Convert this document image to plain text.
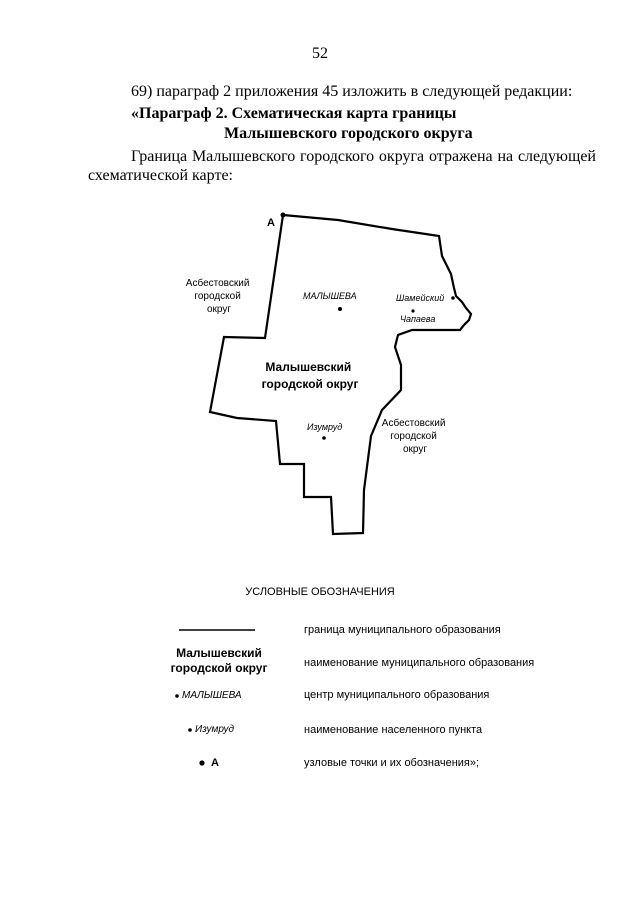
52
69) параграф 2 приложения 45 изложить в следующей редакции:
«Параграф 2. Схематическая карта границы
Малышевского городского округа
Граница Малышевского городского округа отражена на следующей схематической карте:
А
Асбестовский городской округ
Асбестовский городской округ
МАЛЫШЕВА	Шамейский
Чапаева
Малышевский городской округ
Изумруд
УСЛОВНЫЕ ОБОЗНАЧЕНИЯ
граница муниципального образования
Малышевский
городской округ	наименование муниципального образования
МАЛЫШЕВА	центр муниципального образования
Изумруд	наименование населенного пункта
А	узловые точки и их обозначения»;
